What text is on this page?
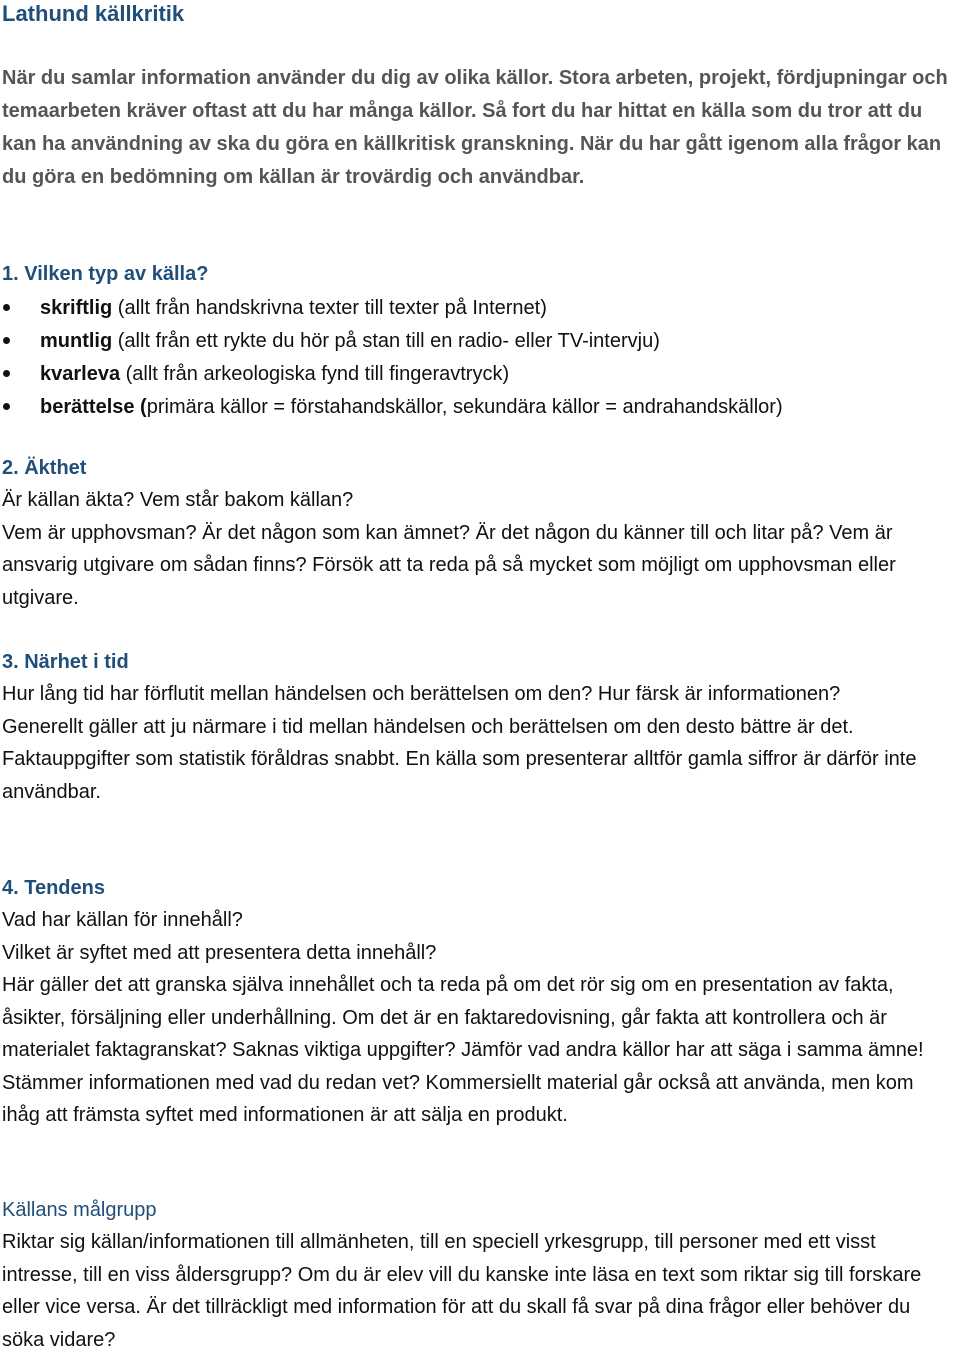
Lathund källkritik

När du samlar information använder du dig av olika källor. Stora arbeten, projekt, fördjupningar och temaarbeten kräver oftast att du har många källor. Så fort du har hittat en källa som du tror att du kan ha användning av ska du göra en källkritisk granskning. När du har gått igenom alla frågor kan du göra en bedömning om källan är trovärdig och användbar.

1. Vilken typ av källa?
skriftlig (allt från handskrivna texter till texter på Internet)
muntlig (allt från ett rykte du hör på stan till en radio- eller TV-intervju)
kvarleva (allt från arkeologiska fynd till fingeravtryck)
berättelse (primära källor = förstahandskällor, sekundära källor = andrahandskällor)
2. Äkthet

Är källan äkta? Vem står bakom källan?

Vem är upphovsman? Är det någon som kan ämnet? Är det någon du känner till och litar på? Vem är ansvarig utgivare om sådan finns? Försök att ta reda på så mycket som möjligt om upphovsman eller utgivare.

3. Närhet i tid

Hur lång tid har förflutit mellan händelsen och berättelsen om den? Hur färsk är informationen?

Generellt gäller att ju närmare i tid mellan händelsen och berättelsen om den desto bättre är det. Faktauppgifter som statistik föråldras snabbt. En källa som presenterar alltför gamla siffror är därför inte användbar.

4. Tendens

Vad har källan för innehåll?

Vilket är syftet med att presentera detta innehåll?

Här gäller det att granska själva innehållet och ta reda på om det rör sig om en presentation av fakta, åsikter, försäljning eller underhållning. Om det är en faktaredovisning, går fakta att kontrollera och är materialet faktagranskat? Saknas viktiga uppgifter? Jämför vad andra källor har att säga i samma ämne! Stämmer informationen med vad du redan vet? Kommersiellt material går också att använda, men kom ihåg att främsta syftet med informationen är att sälja en produkt.

Källans målgrupp

Riktar sig källan/informationen till allmänheten, till en speciell yrkesgrupp, till personer med ett visst intresse, till en viss åldersgrupp? Om du är elev vill du kanske inte läsa en text som riktar sig till forskare eller vice versa. Är det tillräckligt med information för att du skall få svar på dina frågor eller behöver du söka vidare?
